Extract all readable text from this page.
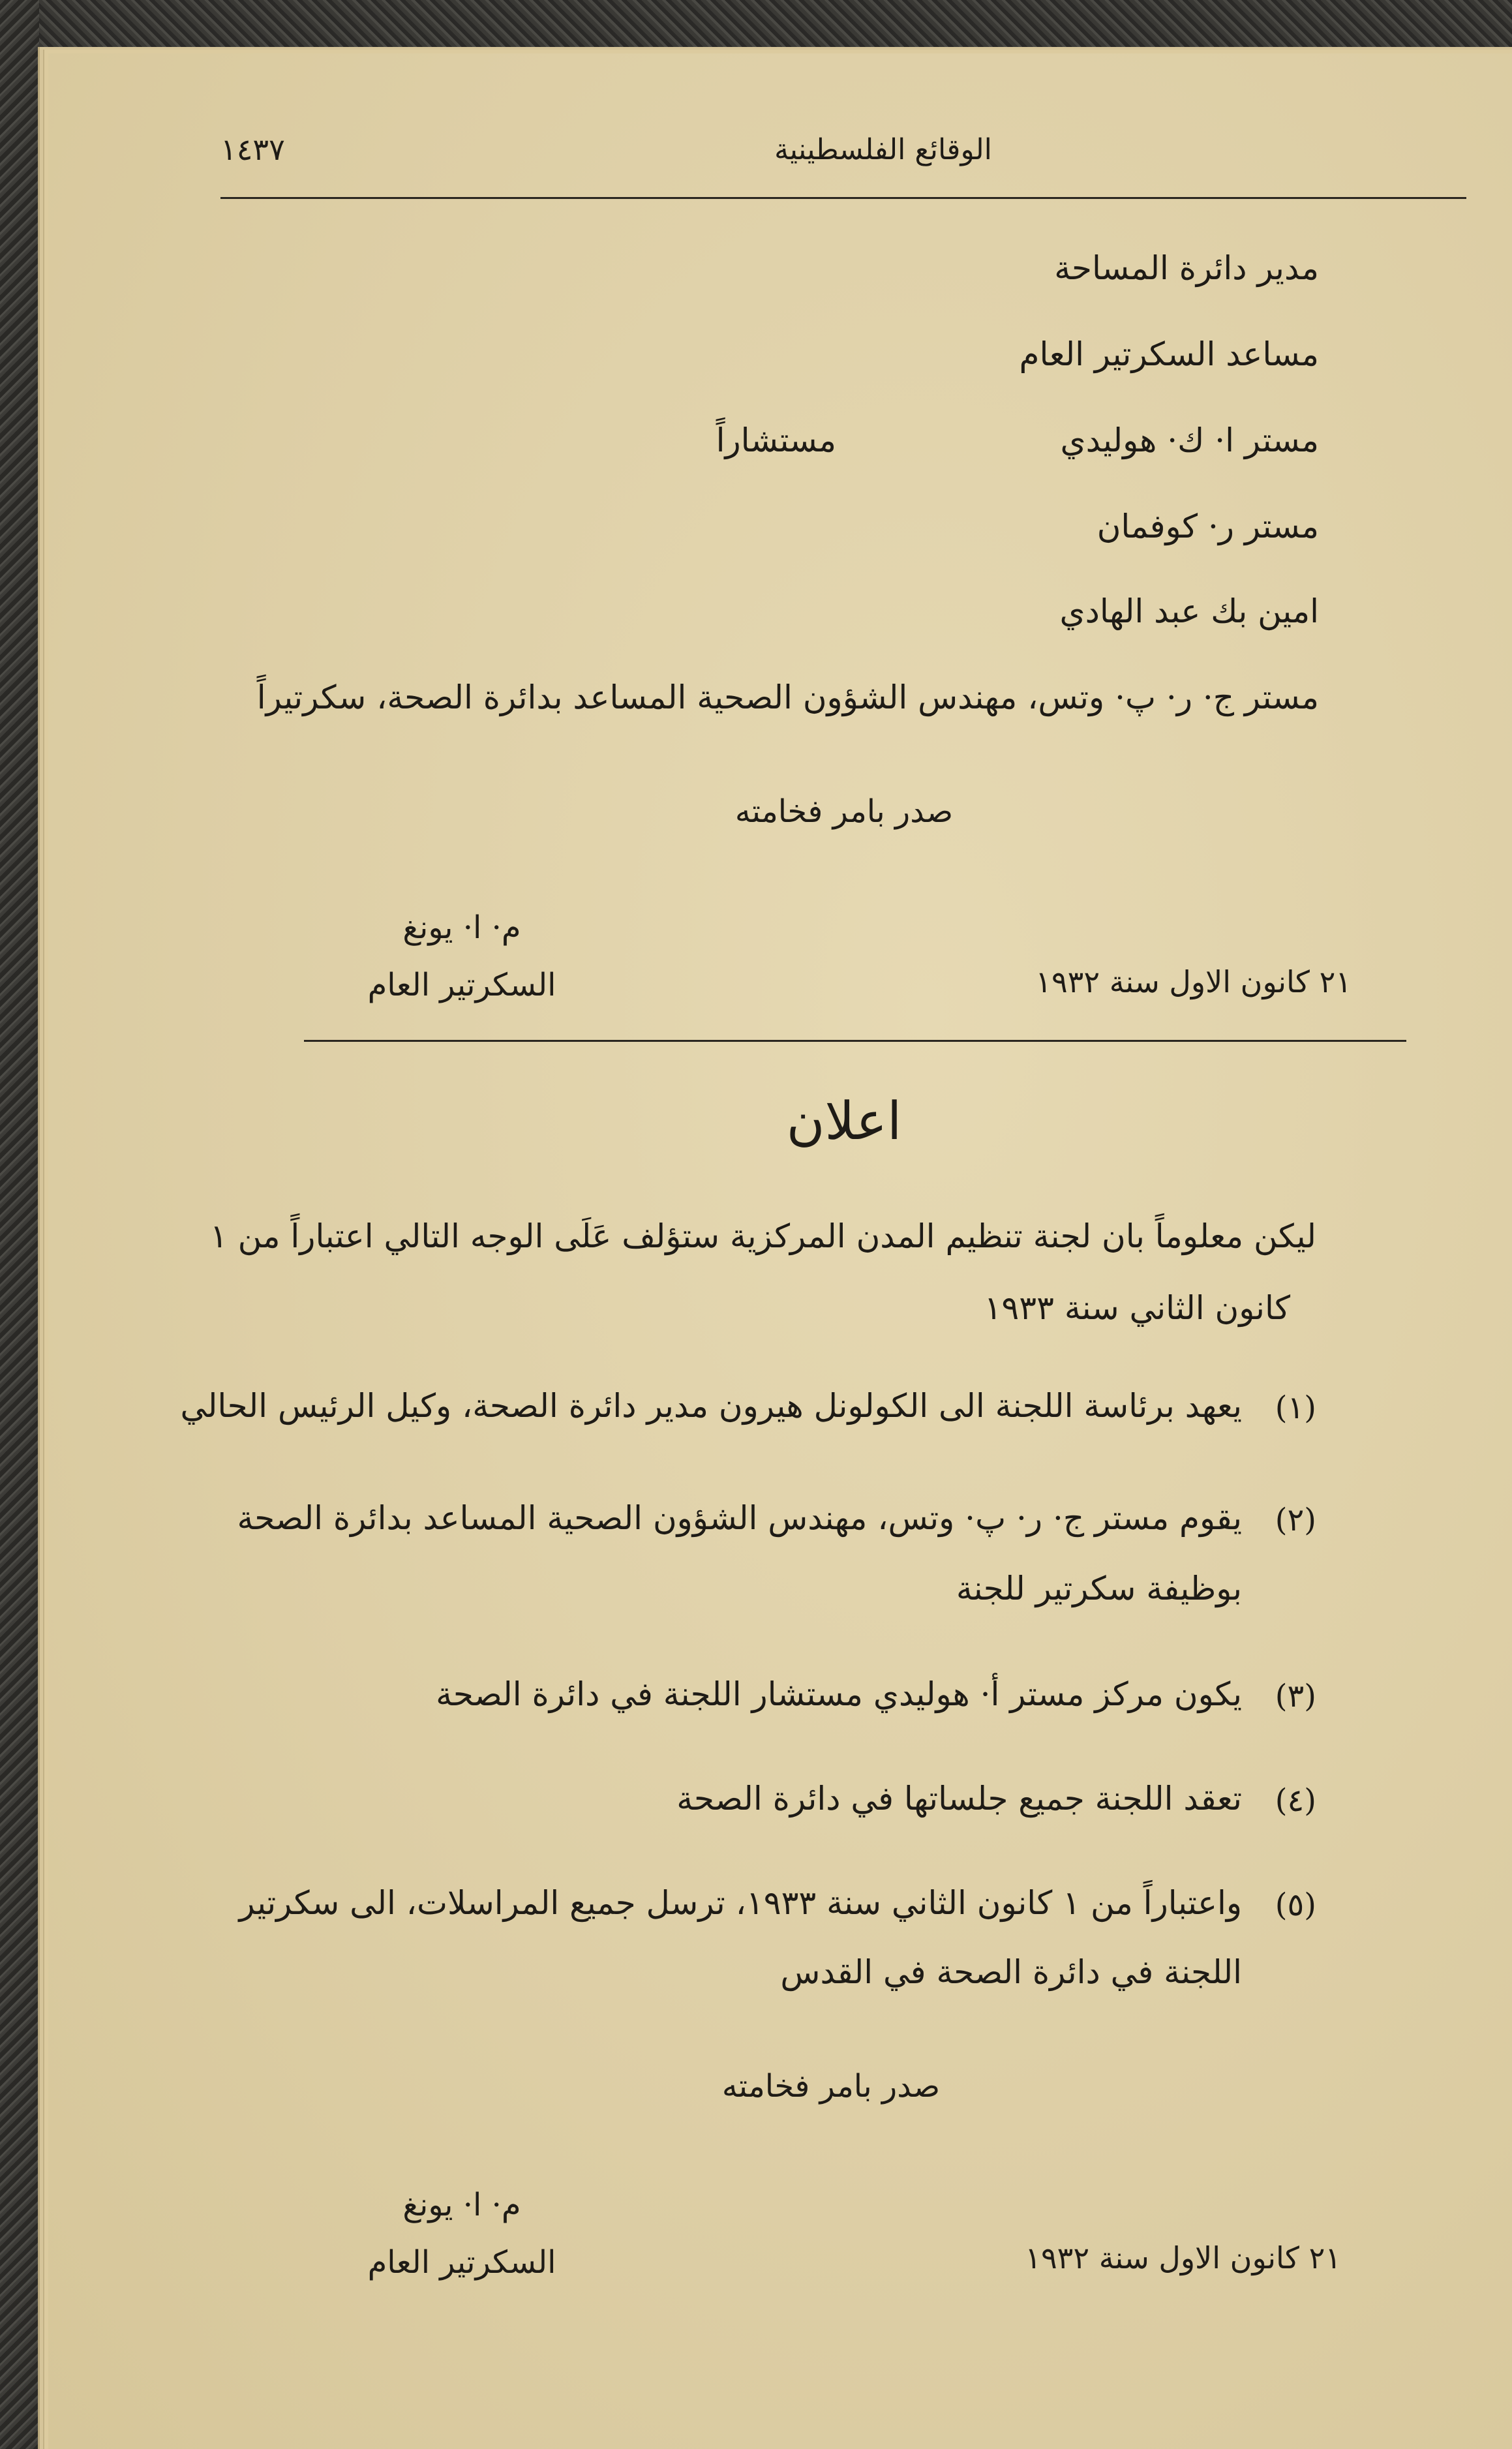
الوقائع الفلسطينية
١٤٣٧
مدير دائرة المساحة
مساعد السكرتير العام
مستر ا· ك· هوليدي
مستشاراً
مستر ر· كوفمان
امين بك عبد الهادي
مستر ج· ر· پ· وتس، مهندس الشؤون الصحية المساعد بدائرة الصحة، سكرتيراً
صدر بامر فخامته
م· ا· يونغ
السكرتير العام	٢١ كانون الاول سنة ١٩٣٢
اعلان
ليكن معلوماً بان لجنة تنظيم المدن المركزية ستؤلف عَلَى الوجه التالي اعتباراً من ١
كانون الثاني سنة ١٩٣٣
(١)
يعهد برئاسة اللجنة الى الكولونل هيرون مدير دائرة الصحة، وكيل الرئيس الحالي
(٢)
يقوم مستر ج· ر· پ· وتس، مهندس الشؤون الصحية المساعد بدائرة الصحة
بوظيفة سكرتير للجنة
(٣)
يكون مركز مستر أ· هوليدي مستشار اللجنة في دائرة الصحة
(٤)
تعقد اللجنة جميع جلساتها في دائرة الصحة
(٥)
واعتباراً من ١ كانون الثاني سنة ١٩٣٣، ترسل جميع المراسلات، الى سكرتير
اللجنة في دائرة الصحة في القدس
صدر بامر فخامته
م· ا· يونغ
السكرتير العام	٢١ كانون الاول سنة ١٩٣٢
